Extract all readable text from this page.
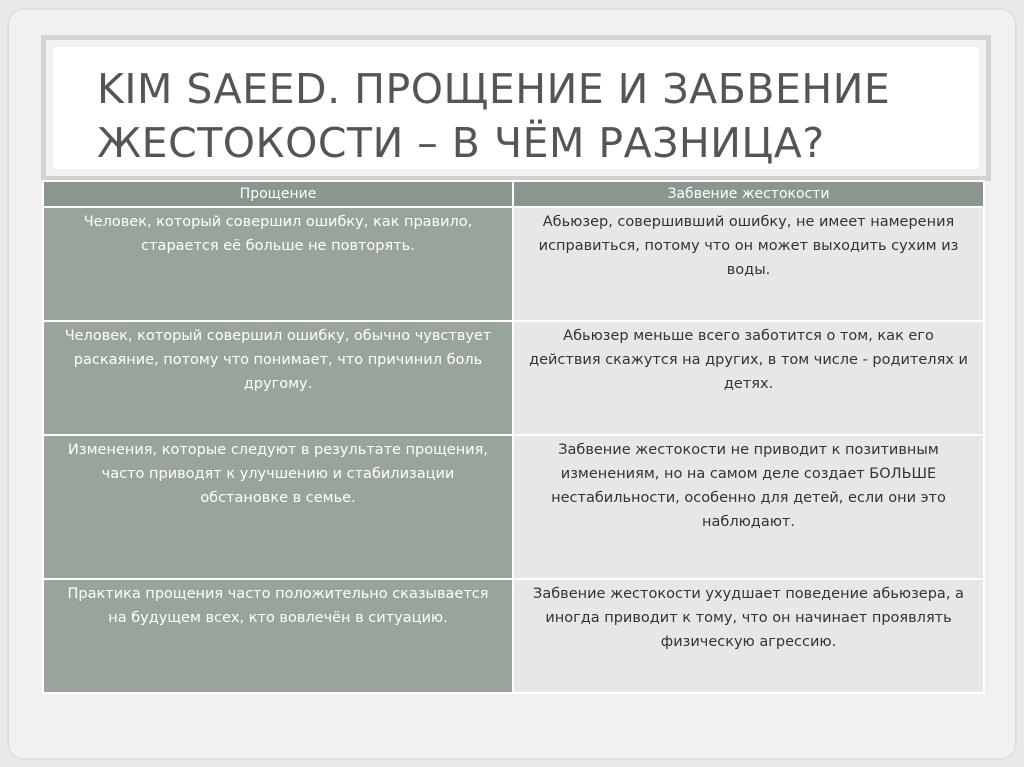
KIM SAEED. ПРОЩЕНИЕ И ЗАБВЕНИЕ ЖЕСТОКОСТИ – В ЧЁМ РАЗНИЦА?
Прощение	Забвение жестокости
Человек, который совершил ошибку, как правило, старается её больше не повторять.	Абьюзер, совершивший ошибку, не имеет намерения исправиться, потому что он может выходить сухим из воды.
Человек, который совершил ошибку, обычно чувствует раскаяние, потому что понимает, что причинил боль другому.	Абьюзер меньше всего заботится о том, как его действия скажутся на других, в том числе - родителях и детях.
Изменения, которые следуют в результате прощения, часто приводят к улучшению и стабилизации обстановке в семье.	Забвение жестокости не приводит к позитивным изменениям, но на самом деле создает БОЛЬШЕ нестабильности, особенно для детей, если они это наблюдают.
Практика прощения часто положительно сказывается на будущем всех, кто вовлечён в ситуацию.	Забвение жестокости ухудшает поведение абьюзера, а иногда приводит к тому, что он начинает проявлять физическую агрессию.
